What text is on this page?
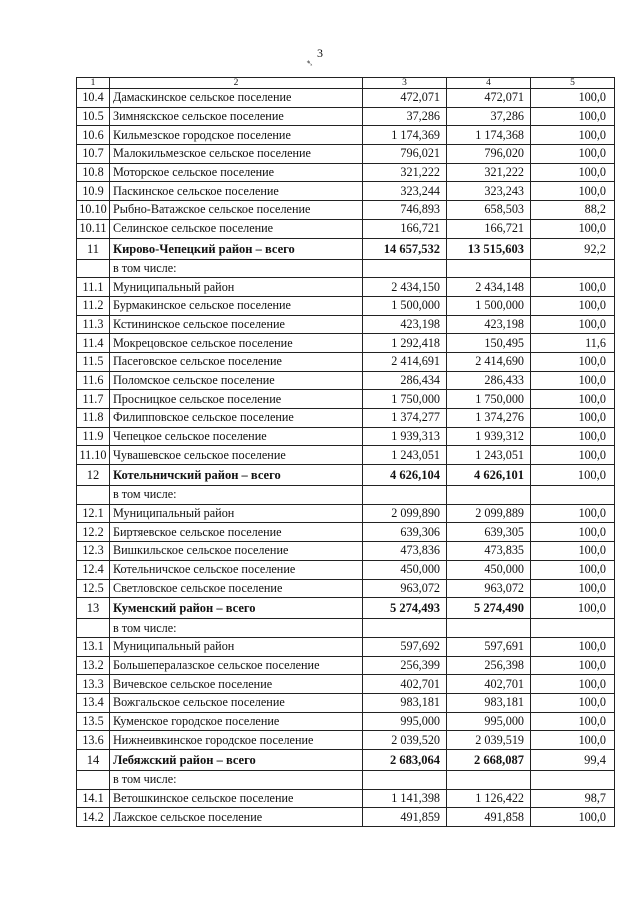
3
➷
1	2	3	4	5
10.4	Дамаскинское сельское поселение	472,071	472,071	100,0
10.5	Зимняскское сельское поселение	37,286	37,286	100,0
10.6	Кильмезское городское поселение	1 174,369	1 174,368	100,0
10.7	Малокильмезское сельское поселение	796,021	796,020	100,0
10.8	Моторское сельское поселение	321,222	321,222	100,0
10.9	Паскинское сельское поселение	323,244	323,243	100,0
10.10	Рыбно-Ватажское сельское поселение	746,893	658,503	88,2
10.11	Селинское сельское поселение	166,721	166,721	100,0
11	Кирово-Чепецкий район – всего	14 657,532	13 515,603	92,2
	в том числе:			
11.1	Муниципальный район	2 434,150	2 434,148	100,0
11.2	Бурмакинское сельское поселение	1 500,000	1 500,000	100,0
11.3	Кстининское сельское поселение	423,198	423,198	100,0
11.4	Мокрецовское сельское поселение	1 292,418	150,495	11,6
11.5	Пасеговское сельское поселение	2 414,691	2 414,690	100,0
11.6	Поломское сельское поселение	286,434	286,433	100,0
11.7	Просницкое сельское поселение	1 750,000	1 750,000	100,0
11.8	Филипповское сельское поселение	1 374,277	1 374,276	100,0
11.9	Чепецкое сельское поселение	1 939,313	1 939,312	100,0
11.10	Чувашевское сельское поселение	1 243,051	1 243,051	100,0
12	Котельничский район – всего	4 626,104	4 626,101	100,0
	в том числе:			
12.1	Муниципальный район	2 099,890	2 099,889	100,0
12.2	Биртяевское сельское поселение	639,306	639,305	100,0
12.3	Вишкильское сельское поселение	473,836	473,835	100,0
12.4	Котельничское сельское поселение	450,000	450,000	100,0
12.5	Светловское сельское поселение	963,072	963,072	100,0
13	Куменский район – всего	5 274,493	5 274,490	100,0
	в том числе:			
13.1	Муниципальный район	597,692	597,691	100,0
13.2	Большепералазское сельское поселение	256,399	256,398	100,0
13.3	Вичевское сельское поселение	402,701	402,701	100,0
13.4	Вожгальское сельское поселение	983,181	983,181	100,0
13.5	Куменское городское поселение	995,000	995,000	100,0
13.6	Нижнеивкинское городское поселение	2 039,520	2 039,519	100,0
14	Лебяжский район – всего	2 683,064	2 668,087	99,4
	в том числе:			
14.1	Ветошкинское сельское поселение	1 141,398	1 126,422	98,7
14.2	Лажское сельское поселение	491,859	491,858	100,0
